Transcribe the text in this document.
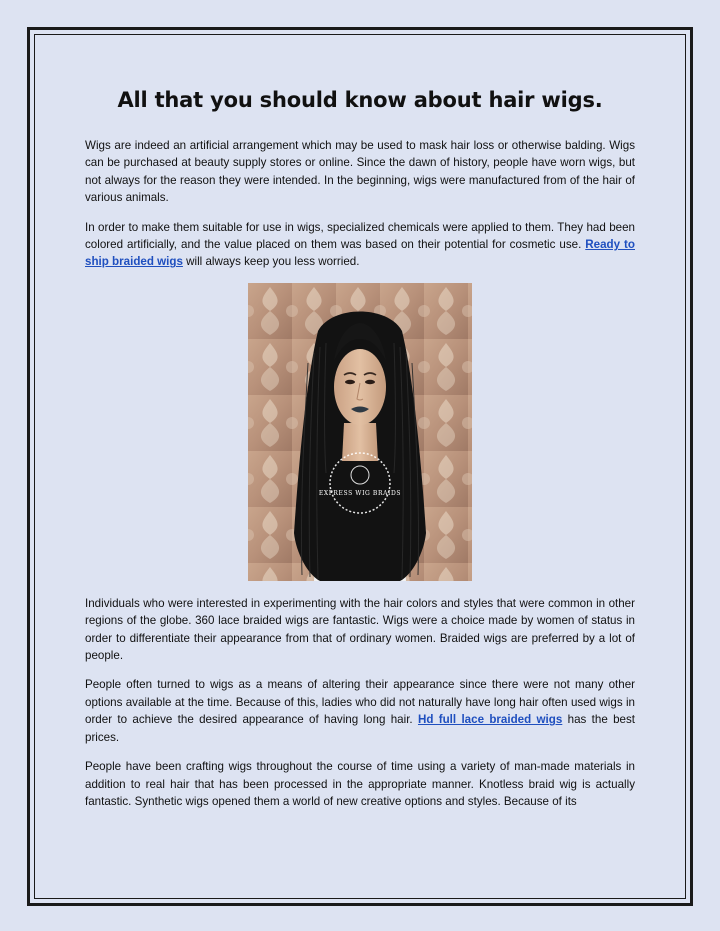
All that you should know about hair wigs.

Wigs are indeed an artificial arrangement which may be used to mask hair loss or otherwise balding. Wigs can be purchased at beauty supply stores or online. Since the dawn of history, people have worn wigs, but not always for the reason they were intended. In the beginning, wigs were manufactured from of the hair of various animals.

In order to make them suitable for use in wigs, specialized chemicals were applied to them. They had been colored artificially, and the value placed on them was based on their potential for cosmetic use. Ready to ship braided wigs will always keep you less worried.

EXPRESS WIG BRAIDS

Individuals who were interested in experimenting with the hair colors and styles that were common in other regions of the globe. 360 lace braided wigs are fantastic. Wigs were a choice made by women of status in order to differentiate their appearance from that of ordinary women. Braided wigs are preferred by a lot of people.

People often turned to wigs as a means of altering their appearance since there were not many other options available at the time. Because of this, ladies who did not naturally have long hair often used wigs in order to achieve the desired appearance of having long hair. Hd full lace braided wigs has the best prices.

People have been crafting wigs throughout the course of time using a variety of man-made materials in addition to real hair that has been processed in the appropriate manner. Knotless braid wig is actually fantastic. Synthetic wigs opened them a world of new creative options and styles. Because of its
